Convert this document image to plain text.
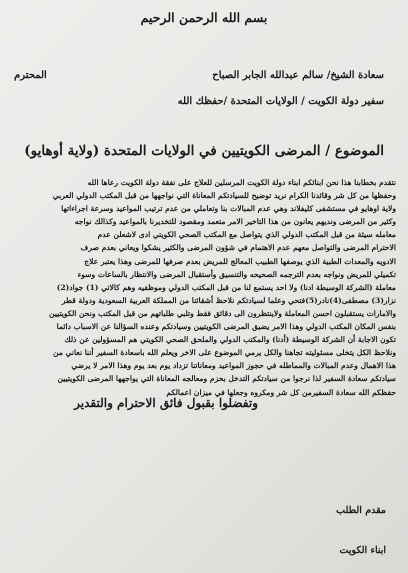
بسم الله الرحمن الرحيم
سعادة الشيخ/ سالم عبدالله الجابر الصباح
المحترم
سفير دولة الكويت / الولايات المتحدة /حفظك الله
الموضوع / المرضى الكويتيين في الولايات المتحدة (ولاية أوهايو)

نتقدم بخطابنا هذا نحن ابنائكم ابناء دولة الكويت المرسلين للعلاج على نفقة دولة الكويت رعاها الله

وحفظها من كل شر وقائدنا الكرام نريد توضيح للسيادتكم المعاناة التي نواجهها من قبل المكتب الدولي العربي

ولاية اوهايو في مستشفى كليفلاند وهي عدم المبالات بنا وتعاملي من عدم ترتيب المواعيد وسرعة اجراءاتها

وكثير من المرضى ونديهم يعانون من هذا التاخير الامر متعمد ومقصود للتخديرنا بالمواعيد وكذالك نواجه

معامله سيئة من قبل المكتب الدولي الذي يتواصل مع المكتب الصحي الكويتي ادى لاشعلن عدم

الاحترام المرضى والتواصل معهم عدم الاهتمام في شؤون المرضى والكثير يشكوا ويعاني بعدم صرف

الادويه والمعدات الطبية الذي يوصفها الطبيب المعالج للمريض بعدم صرفها للمرضى وهذا يعتبر علاج

تكميلي للمريض ونواجه بعدم الترجمه الصحيحه والتنسيق وأستقبال المرضى والانتظار بالساعات وسوء

معاملة (الشركة الوسيطة ادنا) ولا احد يستمع لنا من قبل المكتب الدولي وموظفيه وهم كالاتي (1) جواد(2)

نزار(3) مصطفى(4)نادر(5)فتحي وعلما لسيادتكم نلاحظ أشقائنا من المملكة العربية السعودية ودولة قطر

والامارات يستقبلون احسن المعاملة ولاينتظرون الى دقائق فقط وتلبي طلباتهم من قبل المكتب ونحن الكويتيين

بنفس المكان المكتب الدولي وهذا الامر يضيق المرضى الكويتيين وسيادتكم وعنده السؤالنا عن الاسباب دائما

تكون الاجابة أن الشركة الوسيطة (أدنا) والمكتب الدولي والملحق الصحي الكويتي هم المسؤولين عن ذلك

ونلاحظ الكل يتخلى مسئوليته تجاهنا والكل يرمي الموضوع على الاخر ويعلم الله باسعادة السفير أننا نعاني من

هذا الاهمال وعدم المبالات والمماطله في حجوز المواعيد ومعاناتنا تزداد يوم بعد يوم وهذا الامر لا يرضي

سيادتكم سعادة السفير لذا نرجوا من سيادتكم التدخل بحزم ومعالجه المعاناة التي يواجهها المرضى الكويتيين

حفظكم الله سعادة السفيرمن كل شر ومكروه وجعلها في ميزان اعمالكم

وتفضلوا بقبول فائق الاحترام والتقدير
مقدم الطلب
ابناء الكويت
